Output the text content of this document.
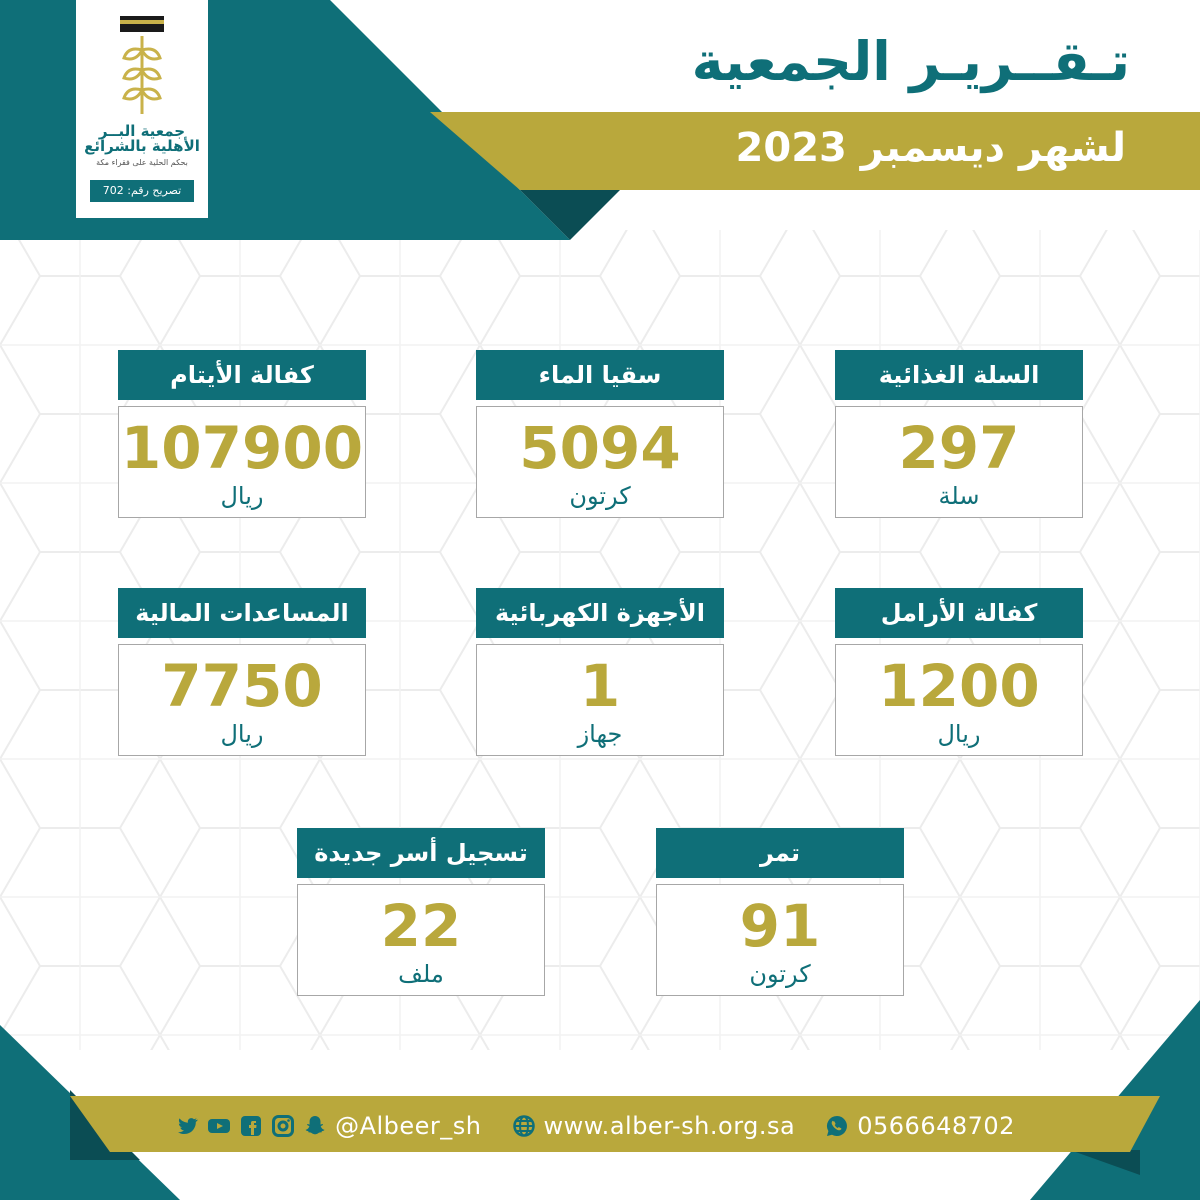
جمعية البــر
الأهلية بالشرائع
بحكم الحلية على فقراء مكة
تصريح رقم: 702
تـقــريـر الجمعية
لشهر ديسمبر 2023
السلة الغذائية
297
سلة
سقيا الماء
5094
كرتون
كفالة الأيتام
107900
ريال
كفالة الأرامل
1200
ريال
الأجهزة الكهربائية
1
جهاز
المساعدات المالية
7750
ريال
تمر
91
كرتون
تسجيل أسر جديدة
22
ملف
@Albeer_sh	www.alber-sh.org.sa	0566648702
